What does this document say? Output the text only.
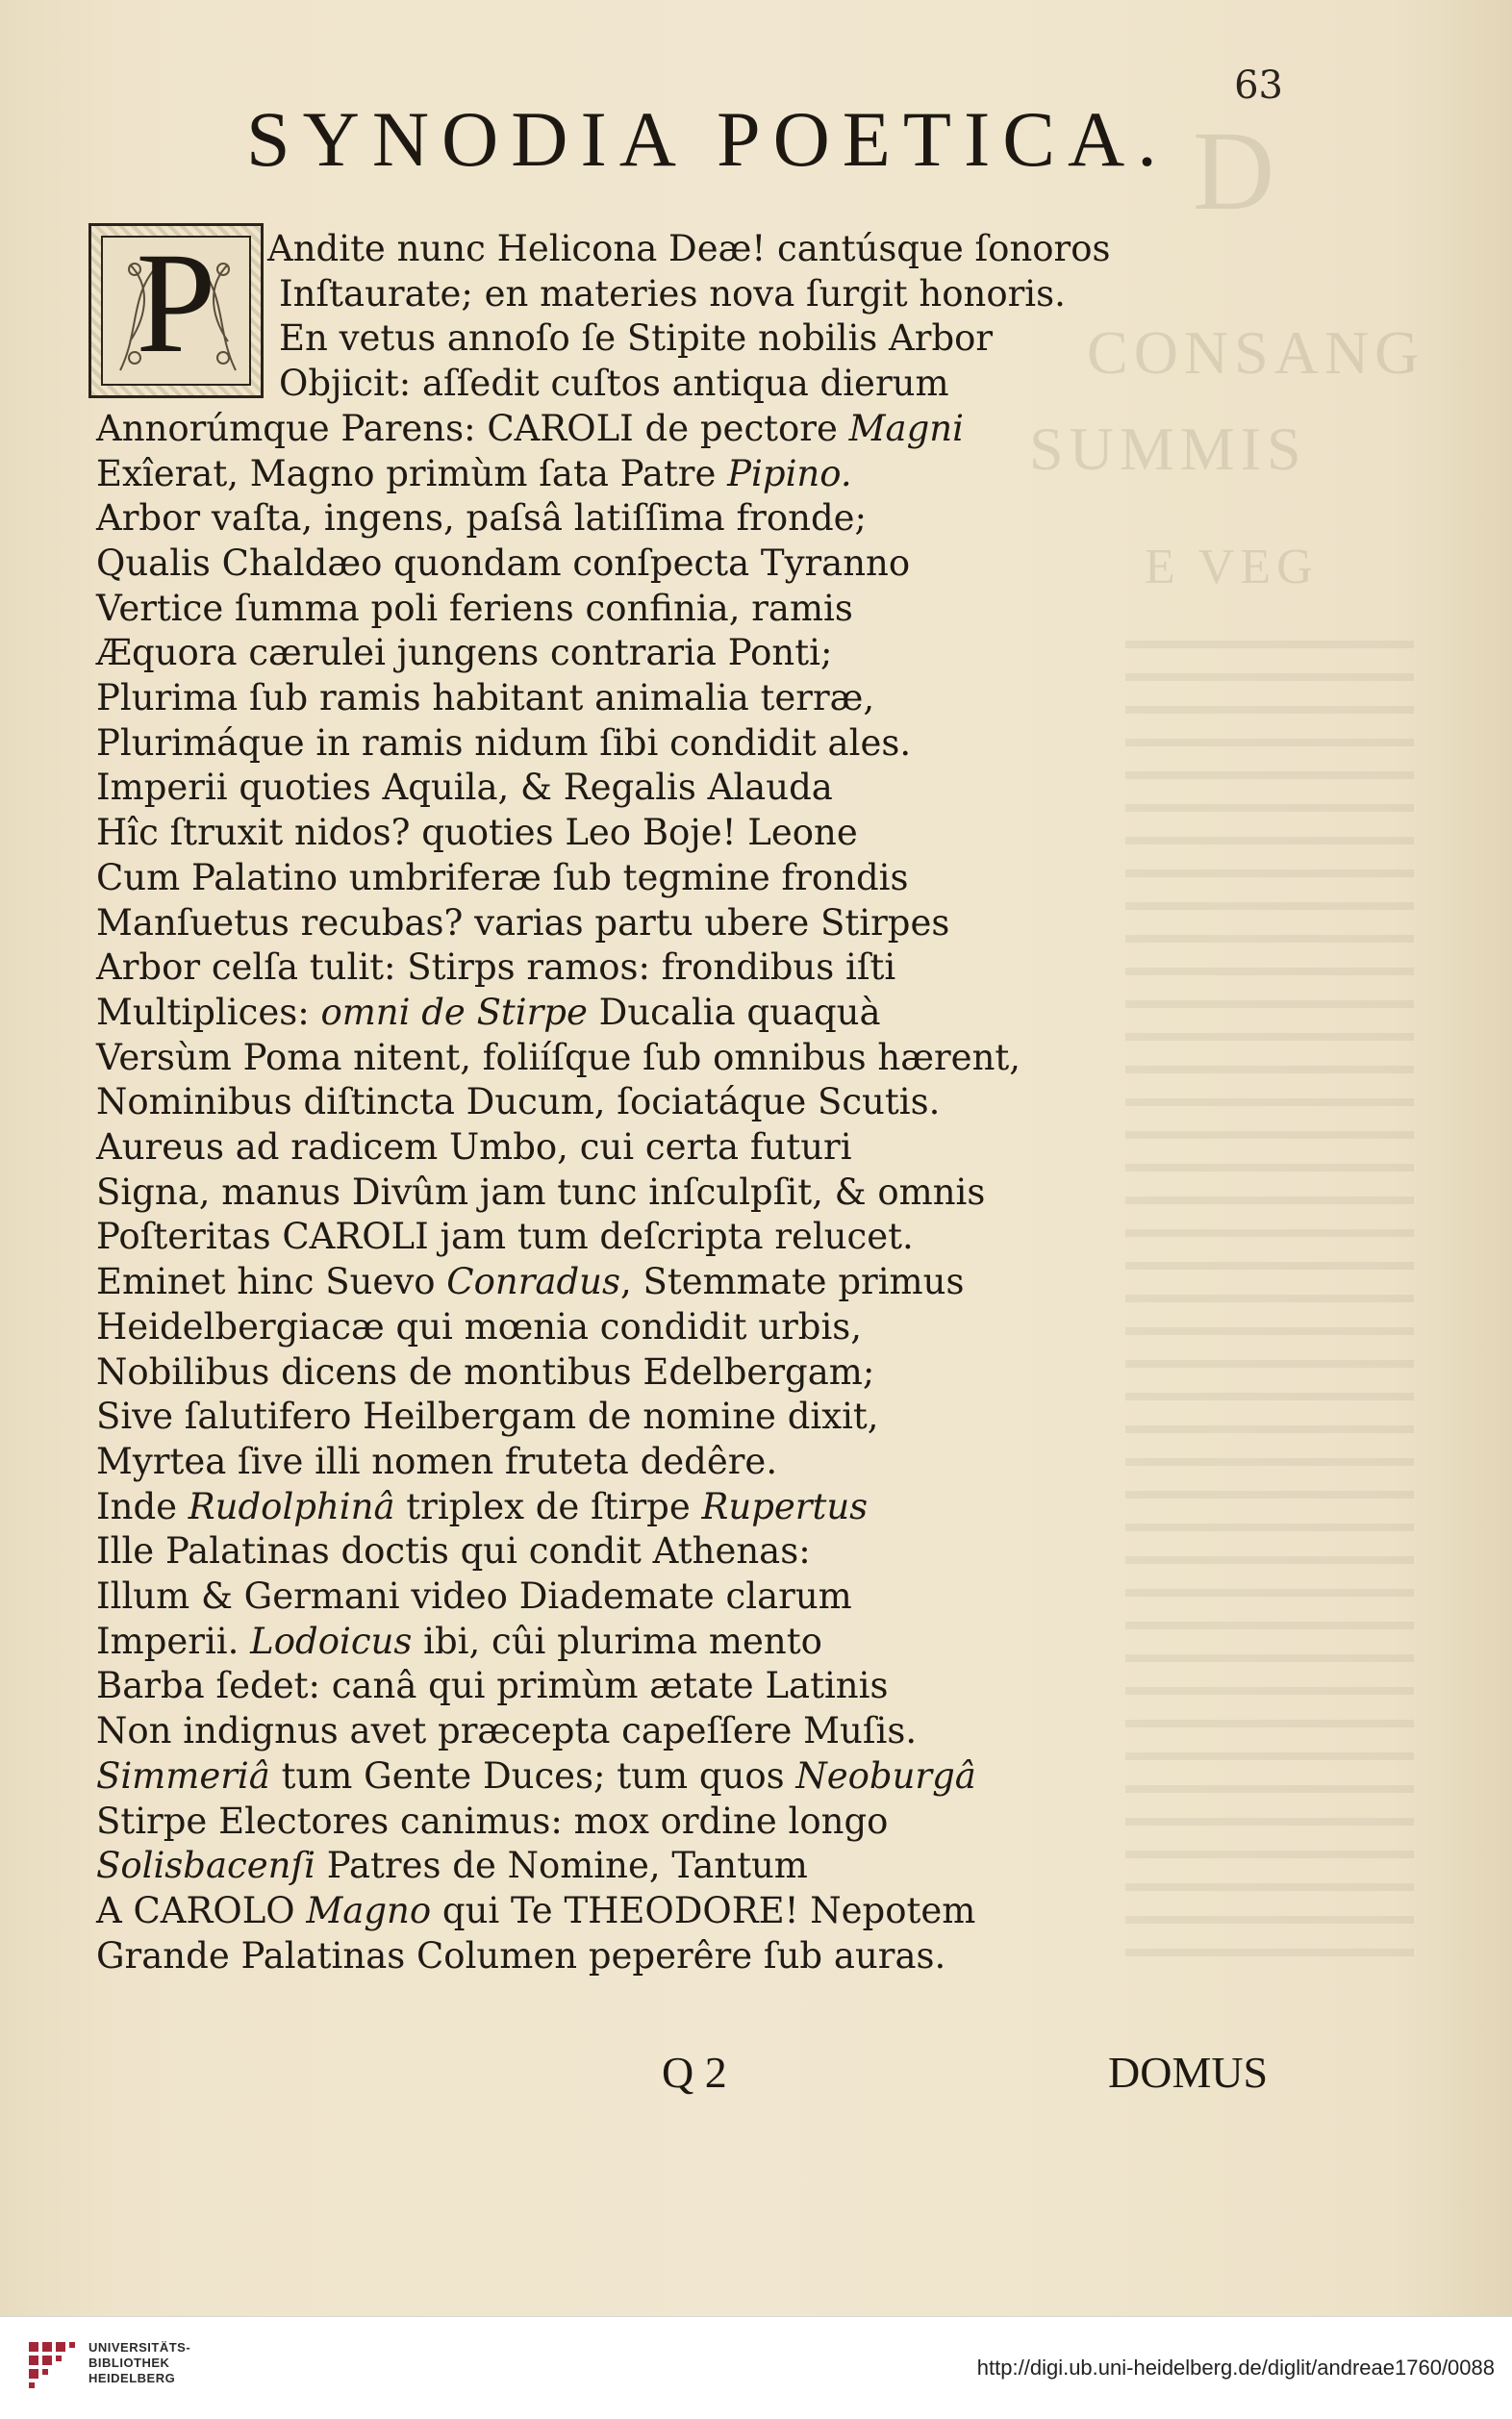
D
CONSANG
SUMMIS
E VEG
63
SYNODIA POETICA.
P	Andite nunc Helicona Deæ! cantúsque ſonoros
Inſtaurate; en materies nova ſurgit honoris.
En vetus annoſo ſe Stipite nobilis Arbor
Objicit: aſſedit cuſtos antiqua dierum
Annorúmque Parens: CAROLI de pectore Magni
Exîerat, Magno primùm ſata Patre Pipino.
Arbor vaſta, ingens, paſsâ latiſſima fronde;
Qualis Chaldæo quondam conſpecta Tyranno
Vertice ſumma poli feriens confinia, ramis
Æquora cærulei jungens contraria Ponti;
Plurima ſub ramis habitant animalia terræ,
Plurimáque in ramis nidum ſibi condidit ales.
Imperii quoties Aquila, & Regalis Alauda
Hîc ſtruxit nidos? quoties Leo Boje! Leone
Cum Palatino umbriferæ ſub tegmine frondis
Manſuetus recubas? varias partu ubere Stirpes
Arbor celſa tulit: Stirps ramos: frondibus iſti
Multiplices: omni de Stirpe Ducalia quaquà
Versùm Poma nitent, foliíſque ſub omnibus hærent,
Nominibus diſtincta Ducum, ſociatáque Scutis.
Aureus ad radicem Umbo, cui certa futuri
Signa, manus Divûm jam tunc inſculpſit, & omnis
Poſteritas CAROLI jam tum deſcripta relucet.
Eminet hinc Suevo Conradus, Stemmate primus
Heidelbergiacæ qui mœnia condidit urbis,
Nobilibus dicens de montibus Edelbergam;
Sive ſalutifero Heilbergam de nomine dixit,
Myrtea ſive illi nomen fruteta dedêre.
Inde Rudolphinâ triplex de ſtirpe Rupertus
Ille Palatinas doctis qui condit Athenas:
Illum & Germani video Diademate clarum
Imperii. Lodoicus ibi, cûi plurima mento
Barba ſedet: canâ qui primùm ætate Latinis
Non indignus avet præcepta capeſſere Muſis.
Simmeriâ tum Gente Duces; tum quos Neoburgâ
Stirpe Electores canimus: mox ordine longo
Solisbacenſi Patres de Nomine, Tantum
A CAROLO Magno qui Te THEODORE! Nepotem
Grande Palatinas Columen peperêre ſub auras.
Q 2	DOMUS
UNIVERSITÄTS-
BIBLIOTHEK
HEIDELBERG	http://digi.ub.uni-heidelberg.de/diglit/andreae1760/0088
